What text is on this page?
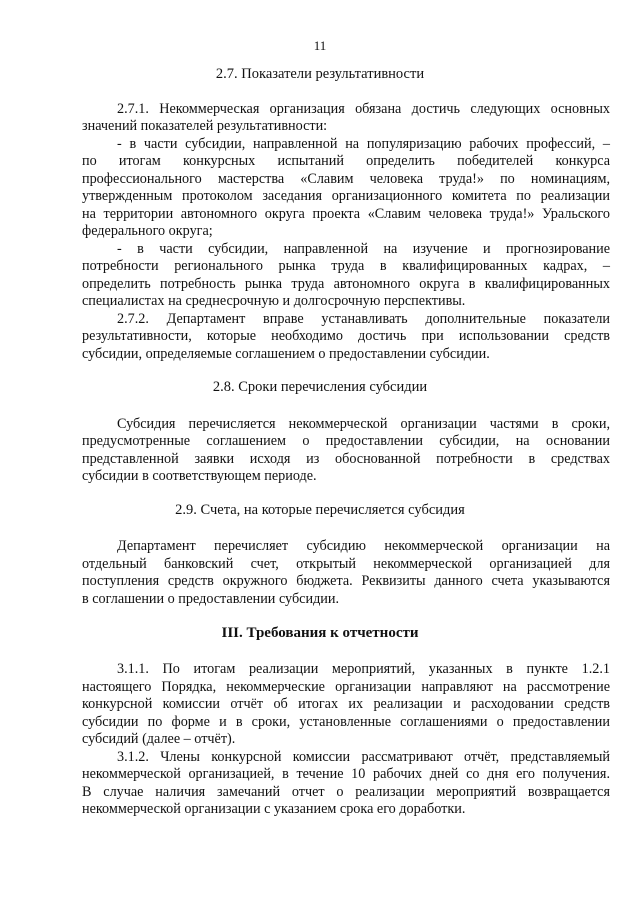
11
2.7. Показатели результативности
2.7.1. Некоммерческая организация обязана достичь следующих основных
значений показателей результативности:
- в части субсидии, направленной на популяризацию рабочих профессий, –
по итогам конкурсных испытаний определить победителей конкурса
профессионального мастерства «Славим человека труда!» по номинациям,
утвержденным протоколом заседания организационного комитета по реализации
на территории автономного округа проекта «Славим человека труда!» Уральского
федерального округа;
- в части субсидии, направленной на изучение и прогнозирование
потребности регионального рынка труда в квалифицированных кадрах, –
определить потребность рынка труда автономного округа в квалифицированных
специалистах на среднесрочную и долгосрочную перспективы.
2.7.2. Департамент вправе устанавливать дополнительные показатели
результативности, которые необходимо достичь при использовании средств
субсидии, определяемые соглашением о предоставлении субсидии.
2.8. Сроки перечисления субсидии
Субсидия перечисляется некоммерческой организации частями в сроки,
предусмотренные соглашением о предоставлении субсидии, на основании
представленной заявки исходя из обоснованной потребности в средствах
субсидии в соответствующем периоде.
2.9. Счета, на которые перечисляется субсидия
Департамент перечисляет субсидию некоммерческой организации на
отдельный банковский счет, открытый некоммерческой организацией для
поступления средств окружного бюджета. Реквизиты данного счета указываются
в соглашении о предоставлении субсидии.
III. Требования к отчетности
3.1.1. По итогам реализации мероприятий, указанных в пункте 1.2.1
настоящего Порядка, некоммерческие организации направляют на рассмотрение
конкурсной комиссии отчёт об итогах их реализации и расходовании средств
субсидии по форме и в сроки, установленные соглашениями о предоставлении
субсидий (далее – отчёт).
3.1.2. Члены конкурсной комиссии рассматривают отчёт, представляемый
некоммерческой организацией, в течение 10 рабочих дней со дня его получения.
В случае наличия замечаний отчет о реализации мероприятий возвращается
некоммерческой организации с указанием срока его доработки.
